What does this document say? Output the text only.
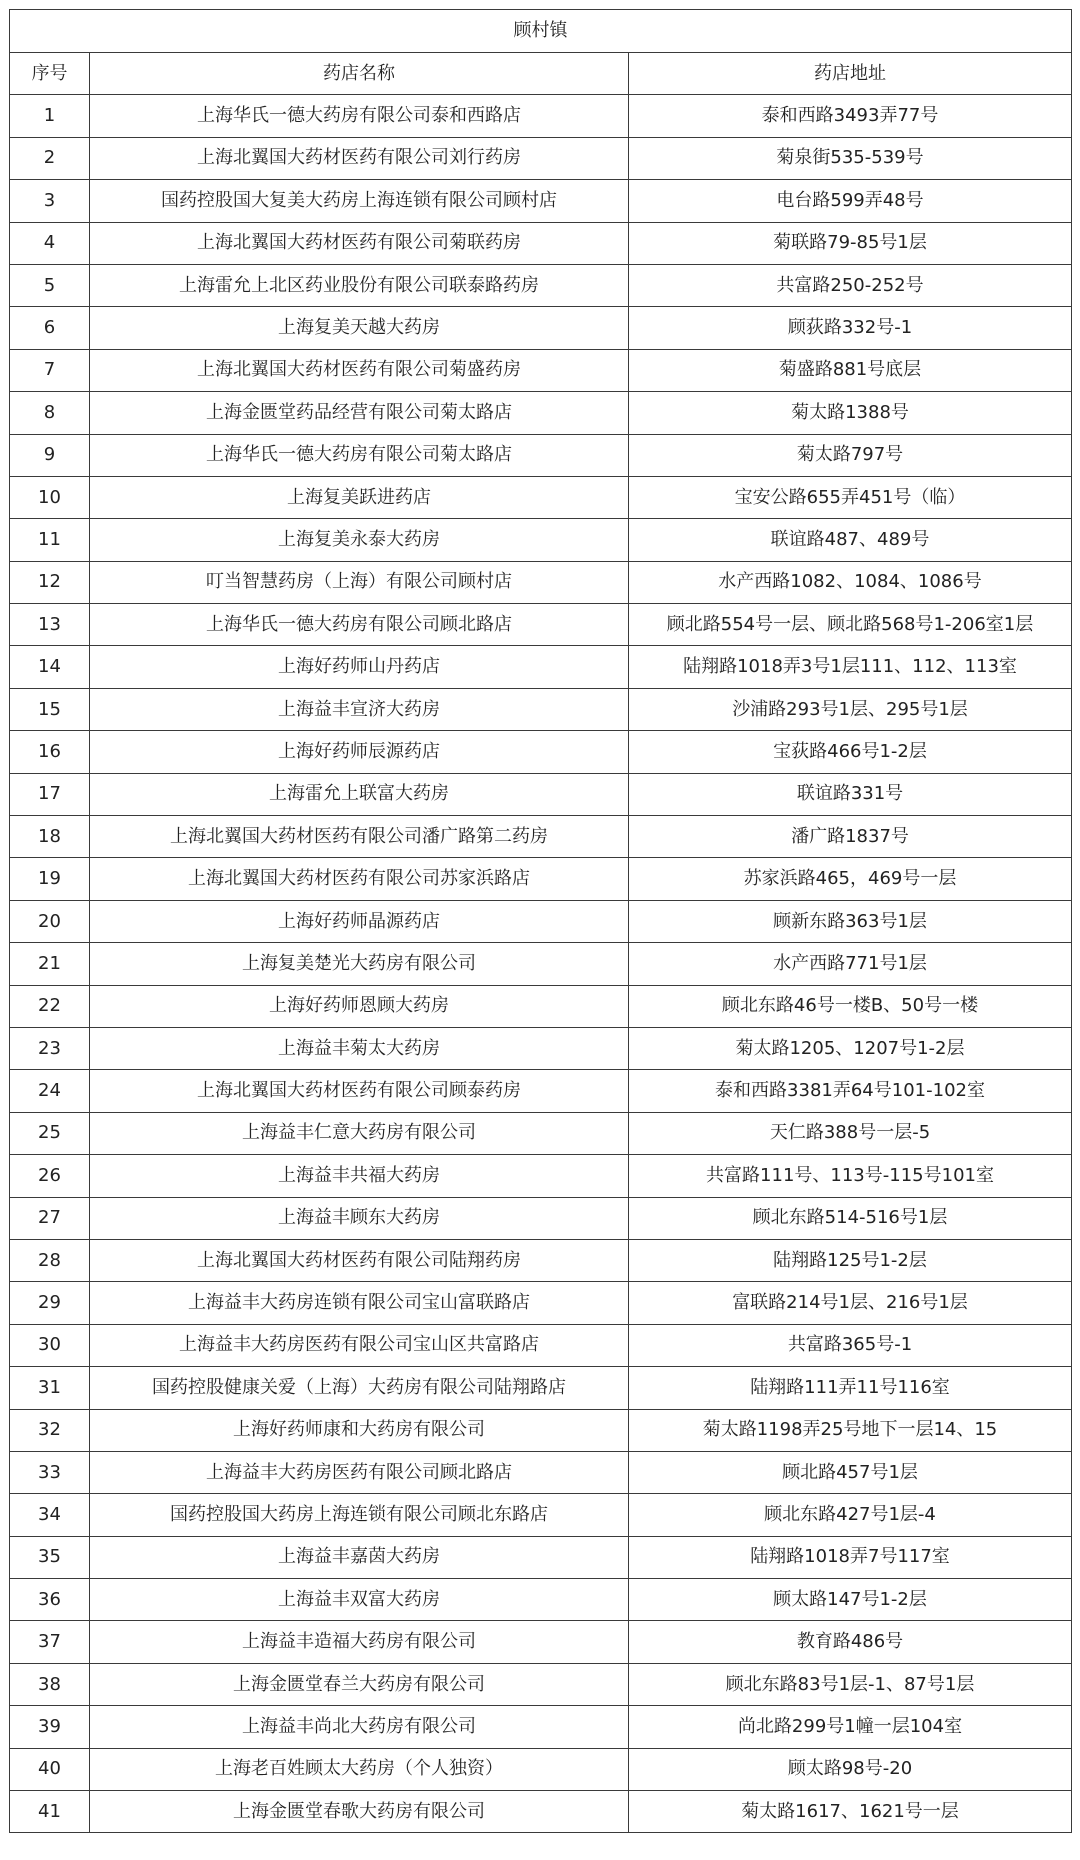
顾村镇		
序号	药店名称	药店地址
1	上海华氏一德大药房有限公司泰和西路店	泰和西路3493弄77号
2	上海北翼国大药材医药有限公司刘行药房	菊泉街535-539号
3	国药控股国大复美大药房上海连锁有限公司顾村店	电台路599弄48号
4	上海北翼国大药材医药有限公司菊联药房	菊联路79-85号1层
5	上海雷允上北区药业股份有限公司联泰路药房	共富路250-252号
6	上海复美天越大药房	顾荻路332号-1
7	上海北翼国大药材医药有限公司菊盛药房	菊盛路881号底层
8	上海金匮堂药品经营有限公司菊太路店	菊太路1388号
9	上海华氏一德大药房有限公司菊太路店	菊太路797号
10	上海复美跃进药店	宝安公路655弄451号（临）
11	上海复美永泰大药房	联谊路487、489号
12	叮当智慧药房（上海）有限公司顾村店	水产西路1082、1084、1086号
13	上海华氏一德大药房有限公司顾北路店	顾北路554号一层、顾北路568号1-206室1层
14	上海好药师山丹药店	陆翔路1018弄3号1层111、112、113室
15	上海益丰宣济大药房	沙浦路293号1层、295号1层
16	上海好药师辰源药店	宝荻路466号1-2层
17	上海雷允上联富大药房	联谊路331号
18	上海北翼国大药材医药有限公司潘广路第二药房	潘广路1837号
19	上海北翼国大药材医药有限公司苏家浜路店	苏家浜路465，469号一层
20	上海好药师晶源药店	顾新东路363号1层
21	上海复美楚光大药房有限公司	水产西路771号1层
22	上海好药师恩顾大药房	顾北东路46号一楼B、50号一楼
23	上海益丰菊太大药房	菊太路1205、1207号1-2层
24	上海北翼国大药材医药有限公司顾泰药房	泰和西路3381弄64号101-102室
25	上海益丰仁意大药房有限公司	天仁路388号一层-5
26	上海益丰共福大药房	共富路111号、113号-115号101室
27	上海益丰顾东大药房	顾北东路514-516号1层
28	上海北翼国大药材医药有限公司陆翔药房	陆翔路125号1-2层
29	上海益丰大药房连锁有限公司宝山富联路店	富联路214号1层、216号1层
30	上海益丰大药房医药有限公司宝山区共富路店	共富路365号-1
31	国药控股健康关爱（上海）大药房有限公司陆翔路店	陆翔路111弄11号116室
32	上海好药师康和大药房有限公司	菊太路1198弄25号地下一层14、15
33	上海益丰大药房医药有限公司顾北路店	顾北路457号1层
34	国药控股国大药房上海连锁有限公司顾北东路店	顾北东路427号1层-4
35	上海益丰嘉茵大药房	陆翔路1018弄7号117室
36	上海益丰双富大药房	顾太路147号1-2层
37	上海益丰造福大药房有限公司	教育路486号
38	上海金匮堂春兰大药房有限公司	顾北东路83号1层-1、87号1层
39	上海益丰尚北大药房有限公司	尚北路299号1幢一层104室
40	上海老百姓顾太大药房（个人独资）	顾太路98号-20
41	上海金匮堂春歌大药房有限公司	菊太路1617、1621号一层
